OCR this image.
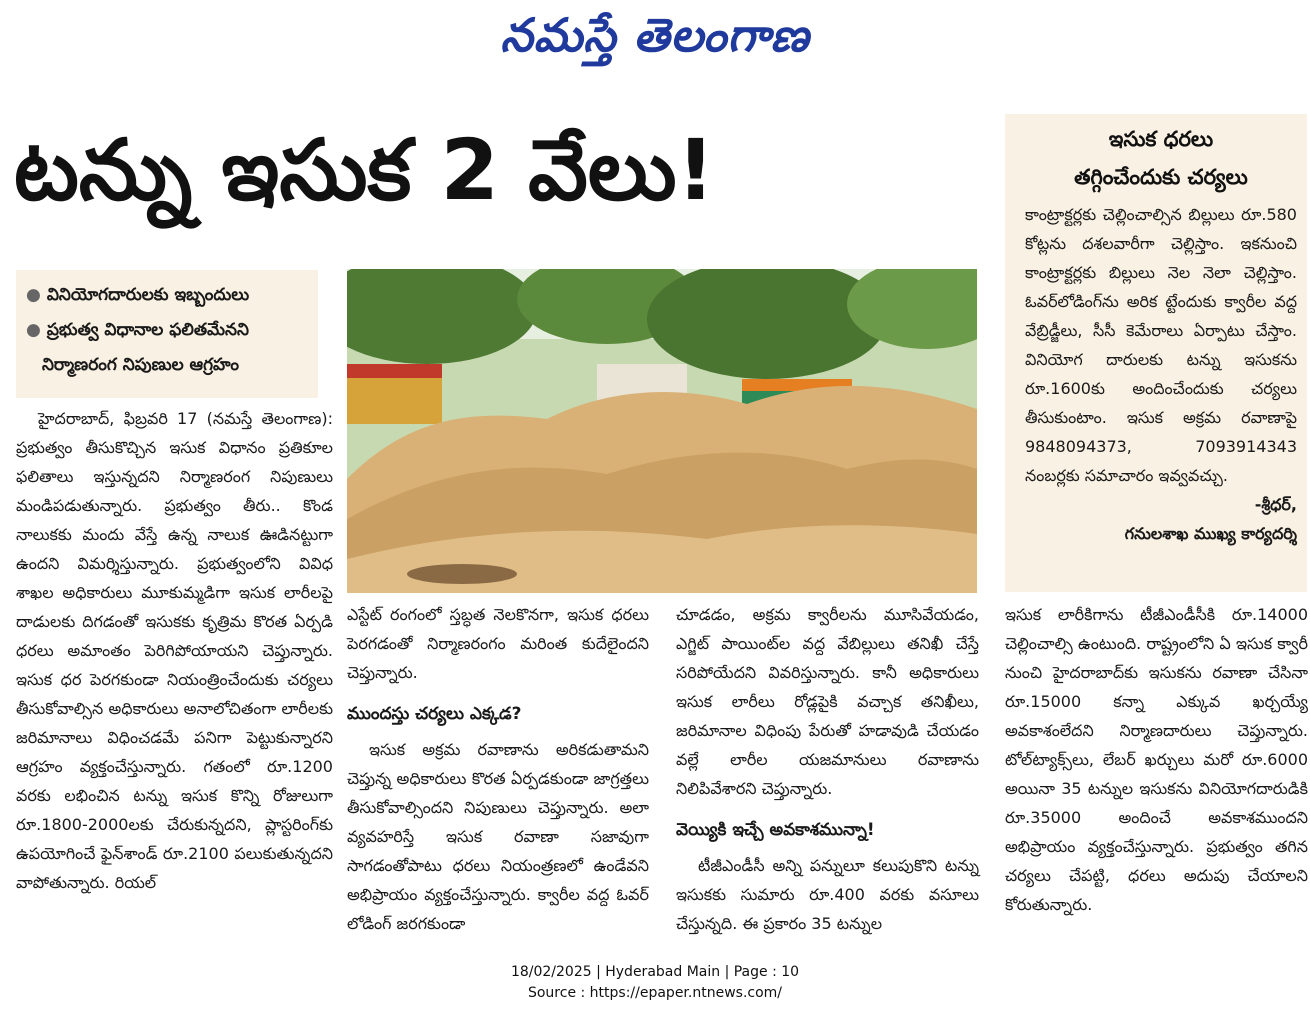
నమస్తే తెలంగాణ
టన్ను ఇసుక 2 వేలు!
● వినియోగదారులకు ఇబ్బందులు
● ప్రభుత్వ విధానాల ఫలితమేనని
నిర్మాణరంగ నిపుణుల ఆగ్రహం
ఇసుక ధరలు
తగ్గించేందుకు చర్యలు
కాంట్రాక్టర్లకు చెల్లించాల్సిన బిల్లులు రూ.580 కోట్లను దశలవారీగా చెల్లిస్తాం. ఇకనుంచి కాంట్రాక్టర్లకు బిల్లులు నెల నెలా చెల్లిస్తాం. ఓవర్‌లోడింగ్‌ను అరిక ట్టేందుకు క్వారీల వద్ద వేబ్రిడ్జీలు, సీసీ కెమేరాలు ఏర్పాటు చేస్తాం. వినియోగ దారులకు టన్ను ఇసుకను రూ.1600కు అందించేందుకు చర్యలు తీసుకుంటాం. ఇసుక అక్రమ రవాణాపై 9848094373, 7093914343 నంబర్లకు సమాచారం ఇవ్వవచ్చు.
-శ్రీధర్,
గనులశాఖ ముఖ్య కార్యదర్శి

హైదరాబాద్, ఫిబ్రవరి 17 (నమస్తే తెలంగాణ): ప్రభుత్వం తీసుకొచ్చిన ఇసుక విధానం ప్రతికూల ఫలితాలు ఇస్తున్నదని నిర్మాణరంగ నిపుణులు మండిపడుతున్నారు. ప్రభుత్వం తీరు.. కొండ నాలుకకు మందు వేస్తే ఉన్న నాలుక ఊడినట్టుగా ఉందని విమర్శిస్తున్నారు. ప్రభుత్వంలోని వివిధ శాఖల అధికారులు మూకుమ్మడిగా ఇసుక లారీలపై దాడులకు దిగడంతో ఇసుకకు కృత్రిమ కొరత ఏర్పడి ధరలు అమాంతం పెరిగిపోయాయని చెప్తున్నారు. ఇసుక ధర పెరగకుండా నియంత్రించేందుకు చర్యలు తీసుకోవాల్సిన అధికారులు అనాలోచితంగా లారీలకు జరిమానాలు విధించడమే పనిగా పెట్టుకున్నారని ఆగ్రహం వ్యక్తంచేస్తున్నారు. గతంలో రూ.1200 వరకు లభించిన టన్ను ఇసుక కొన్ని రోజులుగా రూ.1800-2000లకు చేరుకున్నదని, ప్లాస్టరింగ్‌కు ఉపయోగించే ఫైన్‌శాండ్ రూ.2100 పలుకుతున్నదని వాపోతున్నారు. రియల్

ఎస్టేట్ రంగంలో స్తబ్ధత నెలకొనగా, ఇసుక ధరలు పెరగడంతో నిర్మాణరంగం మరింత కుదేలైందని చెప్తున్నారు.

ముందస్తు చర్యలు ఎక్కడ?

ఇసుక అక్రమ రవాణాను అరికడుతామని చెప్తున్న అధికారులు కొరత ఏర్పడకుండా జాగ్రత్తలు తీసుకోవాల్సిందని నిపుణులు చెప్తున్నారు. అలా వ్యవహరిస్తే ఇసుక రవాణా సజావుగా సాగడంతోపాటు ధరలు నియంత్రణలో ఉండేవని అభిప్రాయం వ్యక్తంచేస్తున్నారు. క్వారీల వద్ద ఓవర్ లోడింగ్ జరగకుండా

చూడడం, అక్రమ క్వారీలను మూసివేయడం, ఎగ్జిట్ పాయింట్‌ల వద్ద వేబిల్లులు తనిఖీ చేస్తే సరిపోయేదని వివరిస్తున్నారు. కానీ అధికారులు ఇసుక లారీలు రోడ్లపైకి వచ్చాక తనిఖీలు, జరిమానాల విధింపు పేరుతో హడావుడి చేయడం వల్లే లారీల యజమానులు రవాణాను నిలిపివేశారని చెప్తున్నారు.

వెయ్యికి ఇచ్చే అవకాశమున్నా!

టీజీఎండీసీ అన్ని పన్నులూ కలుపుకొని టన్ను ఇసుకకు సుమారు రూ.400 వరకు వసూలు చేస్తున్నది. ఈ ప్రకారం 35 టన్నుల

ఇసుక లారీకిగాను టీజీఎండీసీకి రూ.14000 చెల్లించాల్సి ఉంటుంది. రాష్ట్రంలోని ఏ ఇసుక క్వారీ నుంచి హైదరాబాద్‌కు ఇసుకను రవాణా చేసినా రూ.15000 కన్నా ఎక్కువ ఖర్చయ్యే అవకాశంలేదని నిర్మాణదారులు చెప్తున్నారు. టోల్‌ట్యాక్స్‌లు, లేబర్ ఖర్చులు మరో రూ.6000 అయినా 35 టన్నుల ఇసుకను వినియోగదారుడికి రూ.35000 అందించే అవకాశముందని అభిప్రాయం వ్యక్తంచేస్తున్నారు. ప్రభుత్వం తగిన చర్యలు చేపట్టి, ధరలు అదుపు చేయాలని కోరుతున్నారు.

18/02/2025 | Hyderabad Main | Page : 10
Source : https://epaper.ntnews.com/
